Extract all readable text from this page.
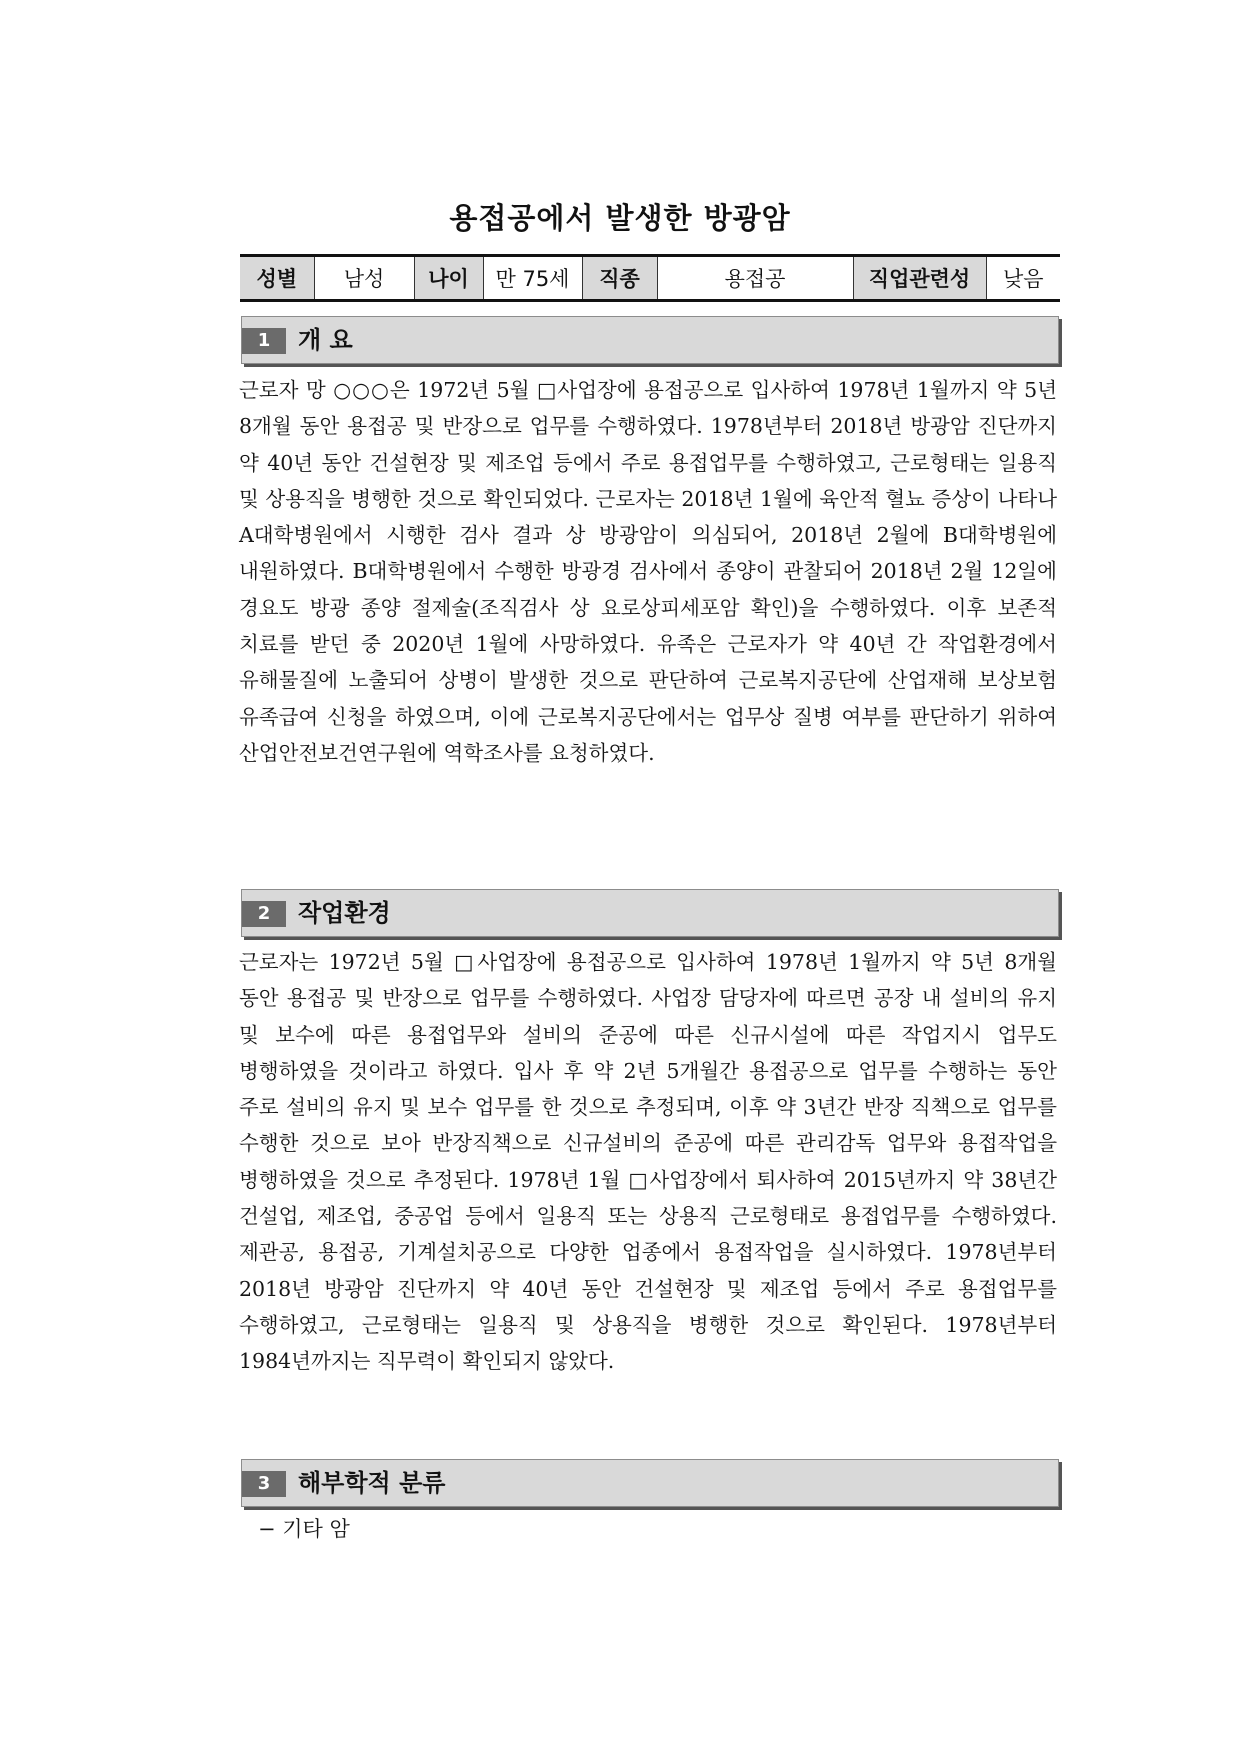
용접공에서 발생한 방광암
성별	남성	나이	만 75세	직종	용접공	직업관련성	낮음
1	개 요

근로자 망 ○○○은 1972년 5월 □사업장에 용접공으로 입사하여 1978년 1월까지 약 5년 8개월 동안 용접공 및 반장으로 업무를 수행하였다. 1978년부터 2018년 방광암 진단까지 약 40년 동안 건설현장 및 제조업 등에서 주로 용접업무를 수행하였고, 근로형태는 일용직 및 상용직을 병행한 것으로 확인되었다. 근로자는 2018년 1월에 육안적 혈뇨 증상이 나타나 A대학병원에서 시행한 검사 결과 상 방광암이 의심되어, 2018년 2월에 B대학병원에 내원하였다. B대학병원에서 수행한 방광경 검사에서 종양이 관찰되어 2018년 2월 12일에 경요도 방광 종양 절제술(조직검사 상 요로상피세포암 확인)을 수행하였다. 이후 보존적 치료를 받던 중 2020년 1월에 사망하였다. 유족은 근로자가 약 40년 간 작업환경에서 유해물질에 노출되어 상병이 발생한 것으로 판단하여 근로복지공단에 산업재해 보상보험 유족급여 신청을 하였으며, 이에 근로복지공단에서는 업무상 질병 여부를 판단하기 위하여 산업안전보건연구원에 역학조사를 요청하였다.

2	작업환경

근로자는 1972년 5월 □사업장에 용접공으로 입사하여 1978년 1월까지 약 5년 8개월 동안 용접공 및 반장으로 업무를 수행하였다. 사업장 담당자에 따르면 공장 내 설비의 유지 및 보수에 따른 용접업무와 설비의 준공에 따른 신규시설에 따른 작업지시 업무도 병행하였을 것이라고 하였다. 입사 후 약 2년 5개월간 용접공으로 업무를 수행하는 동안 주로 설비의 유지 및 보수 업무를 한 것으로 추정되며, 이후 약 3년간 반장 직책으로 업무를 수행한 것으로 보아 반장직책으로 신규설비의 준공에 따른 관리감독 업무와 용접작업을 병행하였을 것으로 추정된다. 1978년 1월 □사업장에서 퇴사하여 2015년까지 약 38년간 건설업, 제조업, 중공업 등에서 일용직 또는 상용직 근로형태로 용접업무를 수행하였다. 제관공, 용접공, 기계설치공으로 다양한 업종에서 용접작업을 실시하였다. 1978년부터 2018년 방광암 진단까지 약 40년 동안 건설현장 및 제조업 등에서 주로 용접업무를 수행하였고, 근로형태는 일용직 및 상용직을 병행한 것으로 확인된다. 1978년부터 1984년까지는 직무력이 확인되지 않았다.

3	해부학적 분류
− 기타 암
